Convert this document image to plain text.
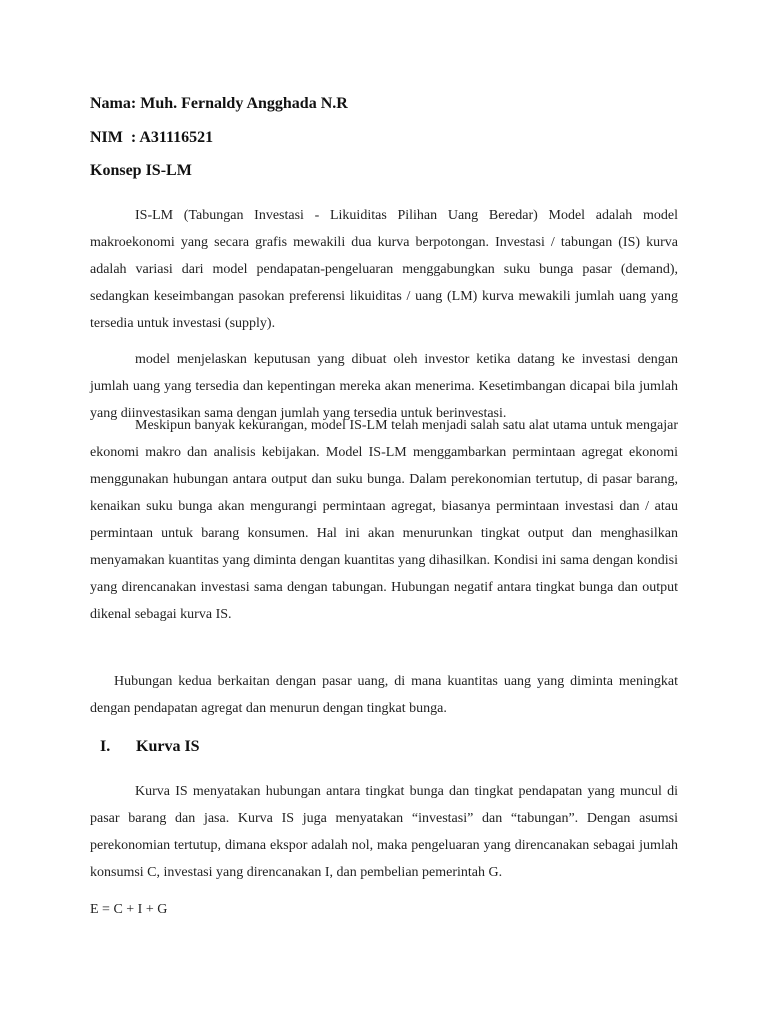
Nama: Muh. Fernaldy Angghada N.R
NIM  : A31116521
Konsep IS-LM

IS-LM (Tabungan Investasi - Likuiditas Pilihan Uang Beredar) Model adalah model makroekonomi yang secara grafis mewakili dua kurva berpotongan. Investasi / tabungan (IS) kurva adalah variasi dari model pendapatan-pengeluaran menggabungkan suku bunga pasar (demand), sedangkan keseimbangan pasokan preferensi likuiditas / uang (LM) kurva mewakili jumlah uang yang tersedia untuk investasi (supply).

model menjelaskan keputusan yang dibuat oleh investor ketika datang ke investasi dengan jumlah uang yang tersedia dan kepentingan mereka akan menerima. Kesetimbangan dicapai bila jumlah yang diinvestasikan sama dengan jumlah yang tersedia untuk berinvestasi.

Meskipun banyak kekurangan, model IS-LM telah menjadi salah satu alat utama untuk mengajar ekonomi makro dan analisis kebijakan. Model IS-LM menggambarkan permintaan agregat ekonomi menggunakan hubungan antara output dan suku bunga. Dalam perekonomian tertutup, di pasar barang, kenaikan suku bunga akan mengurangi permintaan agregat, biasanya permintaan investasi dan / atau permintaan untuk barang konsumen. Hal ini akan menurunkan tingkat output dan menghasilkan menyamakan kuantitas yang diminta dengan kuantitas yang dihasilkan. Kondisi ini sama dengan kondisi yang direncanakan investasi sama dengan tabungan. Hubungan negatif antara tingkat bunga dan output dikenal sebagai kurva IS.

Hubungan kedua berkaitan dengan pasar uang, di mana kuantitas uang yang diminta meningkat dengan pendapatan agregat dan menurun dengan tingkat bunga.

I. Kurva IS

Kurva IS menyatakan hubungan antara tingkat bunga dan tingkat pendapatan yang muncul di pasar barang dan jasa. Kurva IS juga menyatakan “investasi” dan “tabungan”. Dengan asumsi perekonomian tertutup, dimana ekspor adalah nol, maka pengeluaran yang direncanakan sebagai jumlah konsumsi C, investasi yang direncanakan I, dan pembelian pemerintah G.

E = C + I + G
